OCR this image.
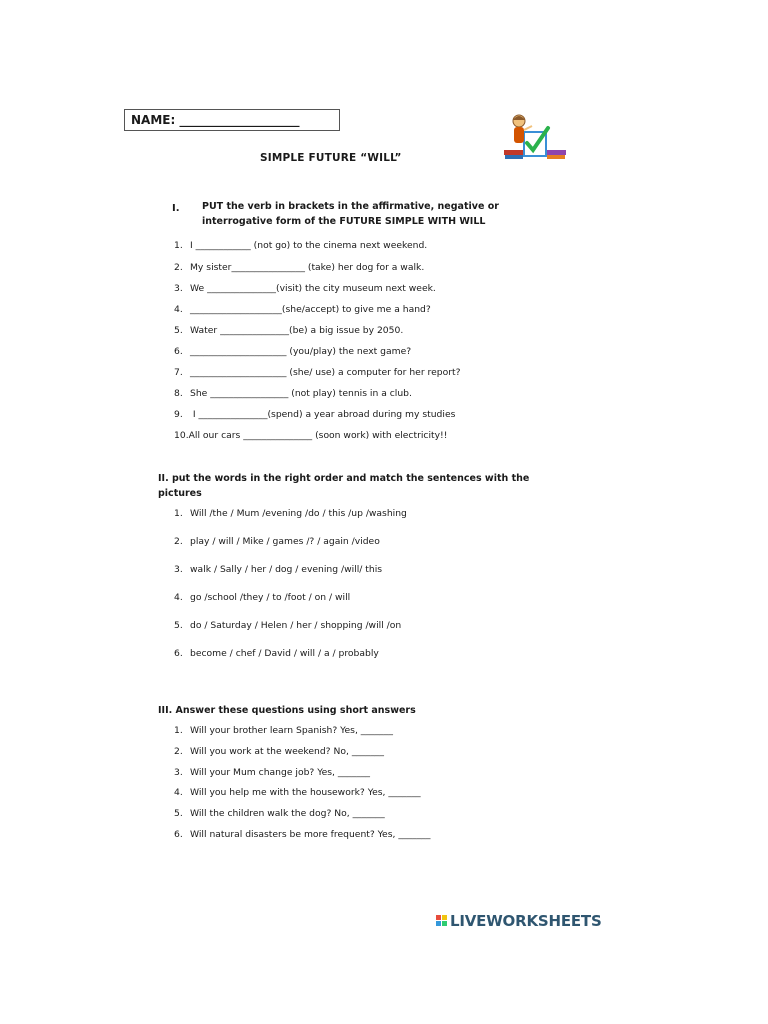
NAME: ____________________
SIMPLE FUTURE “WILL”
I. PUT the verb in brackets in the affirmative, negative or
interrogative form of the FUTURE SIMPLE WITH WILL
1. I ____________ (not go) to the cinema next weekend.
2. My sister________________ (take) her dog for a walk.
3. We _______________(visit) the city museum next week.
4. ____________________(she/accept) to give me a hand?
5. Water _______________(be) a big issue by 2050.
6. _____________________ (you/play) the next game?
7. _____________________ (she/ use) a computer for her report?
8. She _________________ (not play) tennis in a club.
9. I _______________(spend) a year abroad during my studies
10.All our cars _______________ (soon work) with electricity!!
II. put the words in the right order and match the sentences with the
pictures
1. Will /the / Mum /evening /do / this /up /washing
2. play / will / Mike / games /? / again /video
3. walk / Sally / her / dog / evening /will/ this
4. go /school /they / to /foot / on / will
5. do / Saturday / Helen / her / shopping /will /on
6. become / chef / David / will / a / probably
III. Answer these questions using short answers
1. Will your brother learn Spanish? Yes, _______
2. Will you work at the weekend? No, _______
3. Will your Mum change job? Yes, _______
4. Will you help me with the housework? Yes, _______
5. Will the children walk the dog? No, _______
6. Will natural disasters be more frequent? Yes, _______
LIVEWORKSHEETS
